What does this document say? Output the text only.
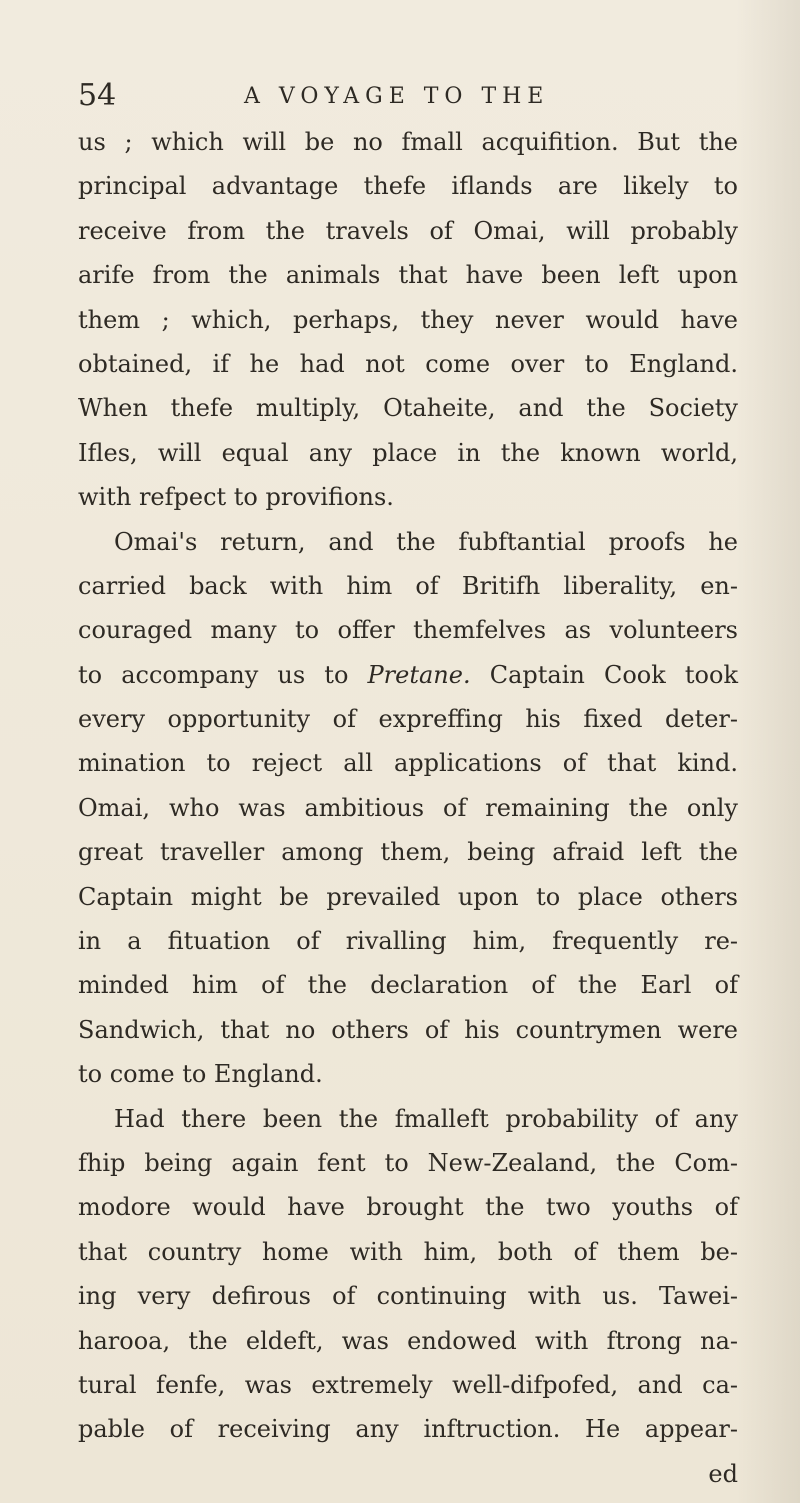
54	A VOYAGE TO THE
us ; which will be no fmall acquifition. But the
principal advantage thefe iflands are likely to
receive from the travels of Omai, will probably
arife from the animals that have been left upon
them ; which, perhaps, they never would have
obtained, if he had not come over to England.
When thefe multiply, Otaheite, and the Society
Ifles, will equal any place in the known world,
with refpect to provifions.
Omai's return, and the fubftantial proofs he
carried back with him of Britifh liberality, en-
couraged many to offer themfelves as volunteers
to accompany us to Pretane. Captain Cook took
every opportunity of expreffing his fixed deter-
mination to reject all applications of that kind.
Omai, who was ambitious of remaining the only
great traveller among them, being afraid left the
Captain might be prevailed upon to place others
in a fituation of rivalling him, frequently re-
minded him of the declaration of the Earl of
Sandwich, that no others of his countrymen were
to come to England.
Had there been the fmalleft probability of any
fhip being again fent to New-Zealand, the Com-
modore would have brought the two youths of
that country home with him, both of them be-
ing very defirous of continuing with us. Tawei-
harooa, the eldeft, was endowed with ftrong na-
tural fenfe, was extremely well-difpofed, and ca-
pable of receiving any inftruction. He appear-
ed
